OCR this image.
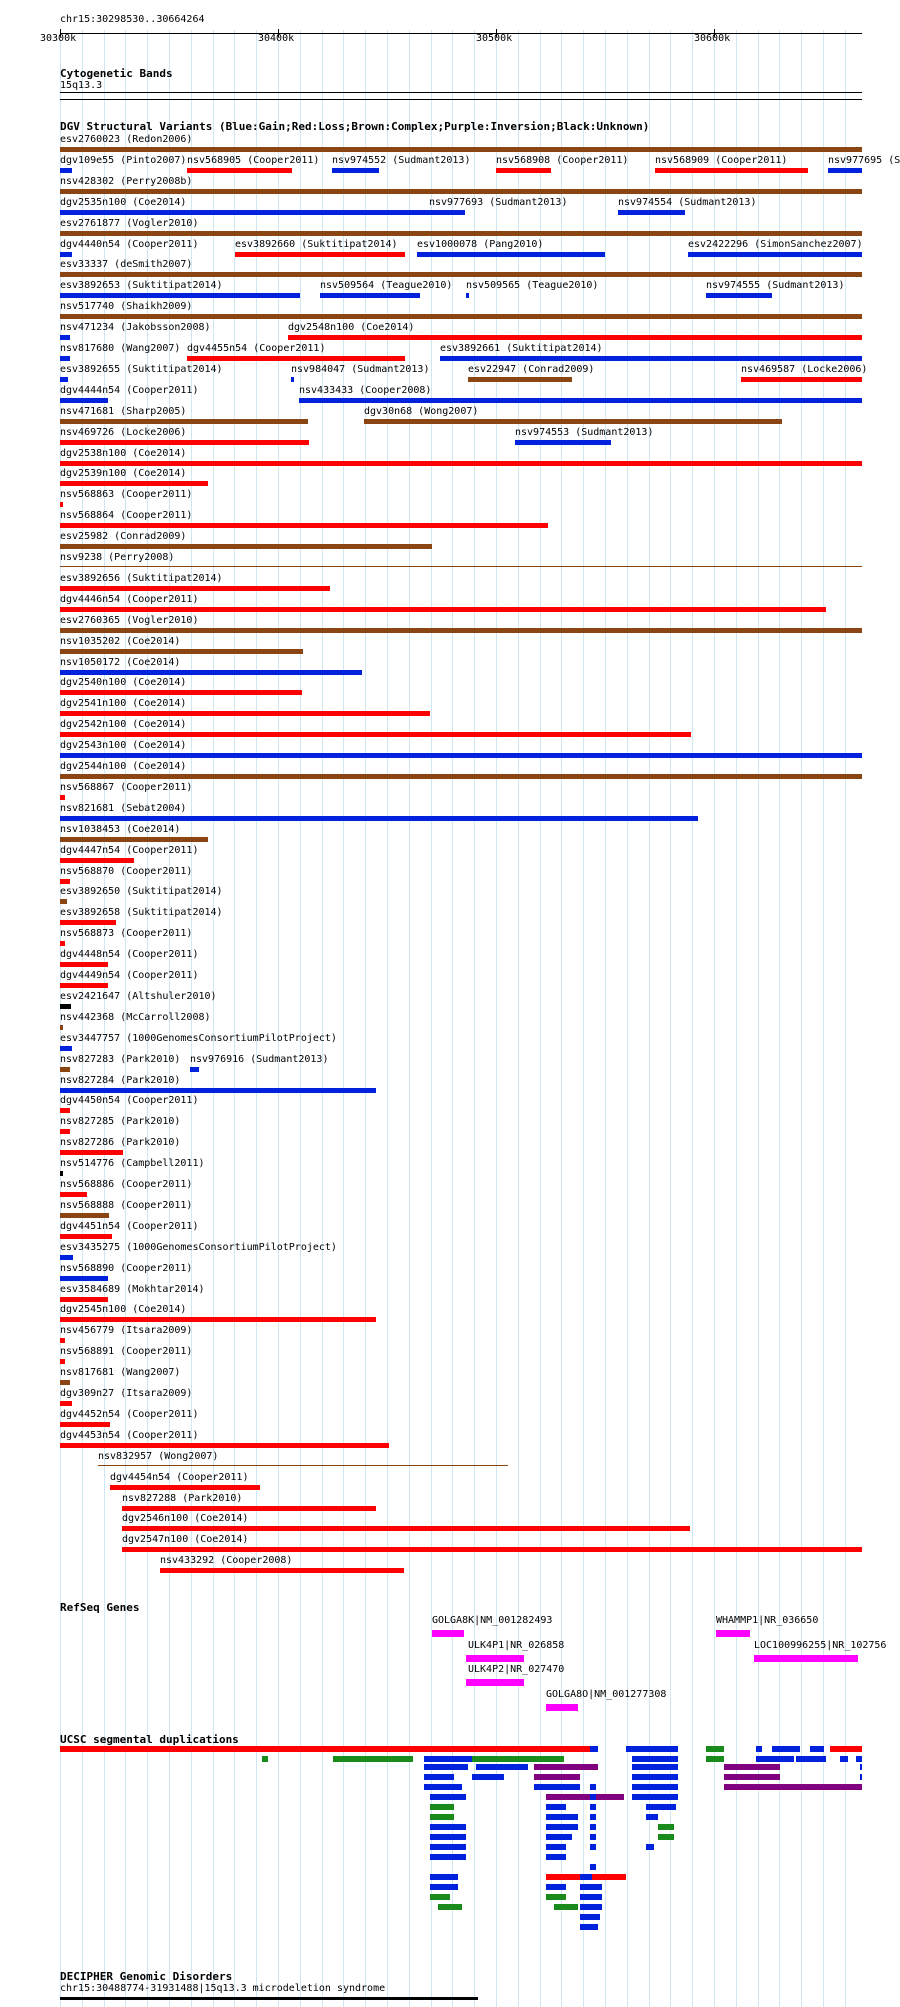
chr15:30298530..30664264
30300k	30400k	30500k	30600k
Cytogenetic Bands
15q13.3
DGV Structural Variants (Blue:Gain;Red:Loss;Brown:Complex;Purple:Inversion;Black:Unknown)
esv2760023 (Redon2006)
dgv109e55 (Pinto2007) nsv568905 (Cooper2011) nsv974552 (Sudmant2013)	nsv568908 (Cooper2011)	nsv568909 (Cooper2011)	nsv977695 (S
nsv428302 (Perry2008b)
dgv2535n100 (Coe2014)	nsv977693 (Sudmant2013)	nsv974554 (Sudmant2013)
esv2761877 (Vogler2010)
dgv4440n54 (Cooper2011)	esv3892660 (Suktitipat2014) esv1000078 (Pang2010)	esv2422296 (SimonSanchez2007)
esv33337 (deSmith2007)
esv3892653 (Suktitipat2014)	nsv509564 (Teague2010) nsv509565 (Teague2010)	nsv974555 (Sudmant2013)
nsv517740 (Shaikh2009)
nsv471234 (Jakobsson2008)	dgv2548n100 (Coe2014)
nsv817680 (Wang2007) dgv4455n54 (Cooper2011)	esv3892661 (Suktitipat2014)
esv3892655 (Suktitipat2014)	nsv984047 (Sudmant2013)	esv22947 (Conrad2009)	nsv469587 (Locke2006)
dgv4444n54 (Cooper2011)	nsv433433 (Cooper2008)
nsv471681 (Sharp2005)	dgv30n68 (Wong2007)
nsv469726 (Locke2006)	nsv974553 (Sudmant2013)
dgv2538n100 (Coe2014)
dgv2539n100 (Coe2014)
nsv568863 (Cooper2011)
nsv568864 (Cooper2011)
esv25982 (Conrad2009)
nsv9238 (Perry2008)
esv3892656 (Suktitipat2014)
dgv4446n54 (Cooper2011)
esv2760365 (Vogler2010)
nsv1035202 (Coe2014)
nsv1050172 (Coe2014)
dgv2540n100 (Coe2014)
dgv2541n100 (Coe2014)
dgv2542n100 (Coe2014)
dgv2543n100 (Coe2014)
dgv2544n100 (Coe2014)
nsv568867 (Cooper2011)
nsv821681 (Sebat2004)
nsv1038453 (Coe2014)
dgv4447n54 (Cooper2011)
nsv568870 (Cooper2011)
esv3892650 (Suktitipat2014)
esv3892658 (Suktitipat2014)
nsv568873 (Cooper2011)
dgv4448n54 (Cooper2011)
dgv4449n54 (Cooper2011)
esv2421647 (Altshuler2010)
nsv442368 (McCarroll2008)
esv3447757 (1000GenomesConsortiumPilotProject)
nsv827283 (Park2010) nsv976916 (Sudmant2013)
nsv827284 (Park2010)
dgv4450n54 (Cooper2011)
nsv827285 (Park2010)
nsv827286 (Park2010)
nsv514776 (Campbell2011)
nsv568886 (Cooper2011)
nsv568888 (Cooper2011)
dgv4451n54 (Cooper2011)
esv3435275 (1000GenomesConsortiumPilotProject)
nsv568890 (Cooper2011)
esv3584689 (Mokhtar2014)
dgv2545n100 (Coe2014)
nsv456779 (Itsara2009)
nsv568891 (Cooper2011)
nsv817681 (Wang2007)
dgv309n27 (Itsara2009)
dgv4452n54 (Cooper2011)
dgv4453n54 (Cooper2011)
nsv832957 (Wong2007)
dgv4454n54 (Cooper2011)
nsv827288 (Park2010)
dgv2546n100 (Coe2014)
dgv2547n100 (Coe2014)
nsv433292 (Cooper2008)
RefSeq Genes
GOLGA8K|NM_001282493	WHAMMP1|NR_036650
ULK4P1|NR_026858	LOC100996255|NR_102756
ULK4P2|NR_027470
GOLGA8O|NM_001277308
UCSC segmental duplications
DECIPHER Genomic Disorders
chr15:30488774-31931488|15q13.3 microdeletion syndrome
